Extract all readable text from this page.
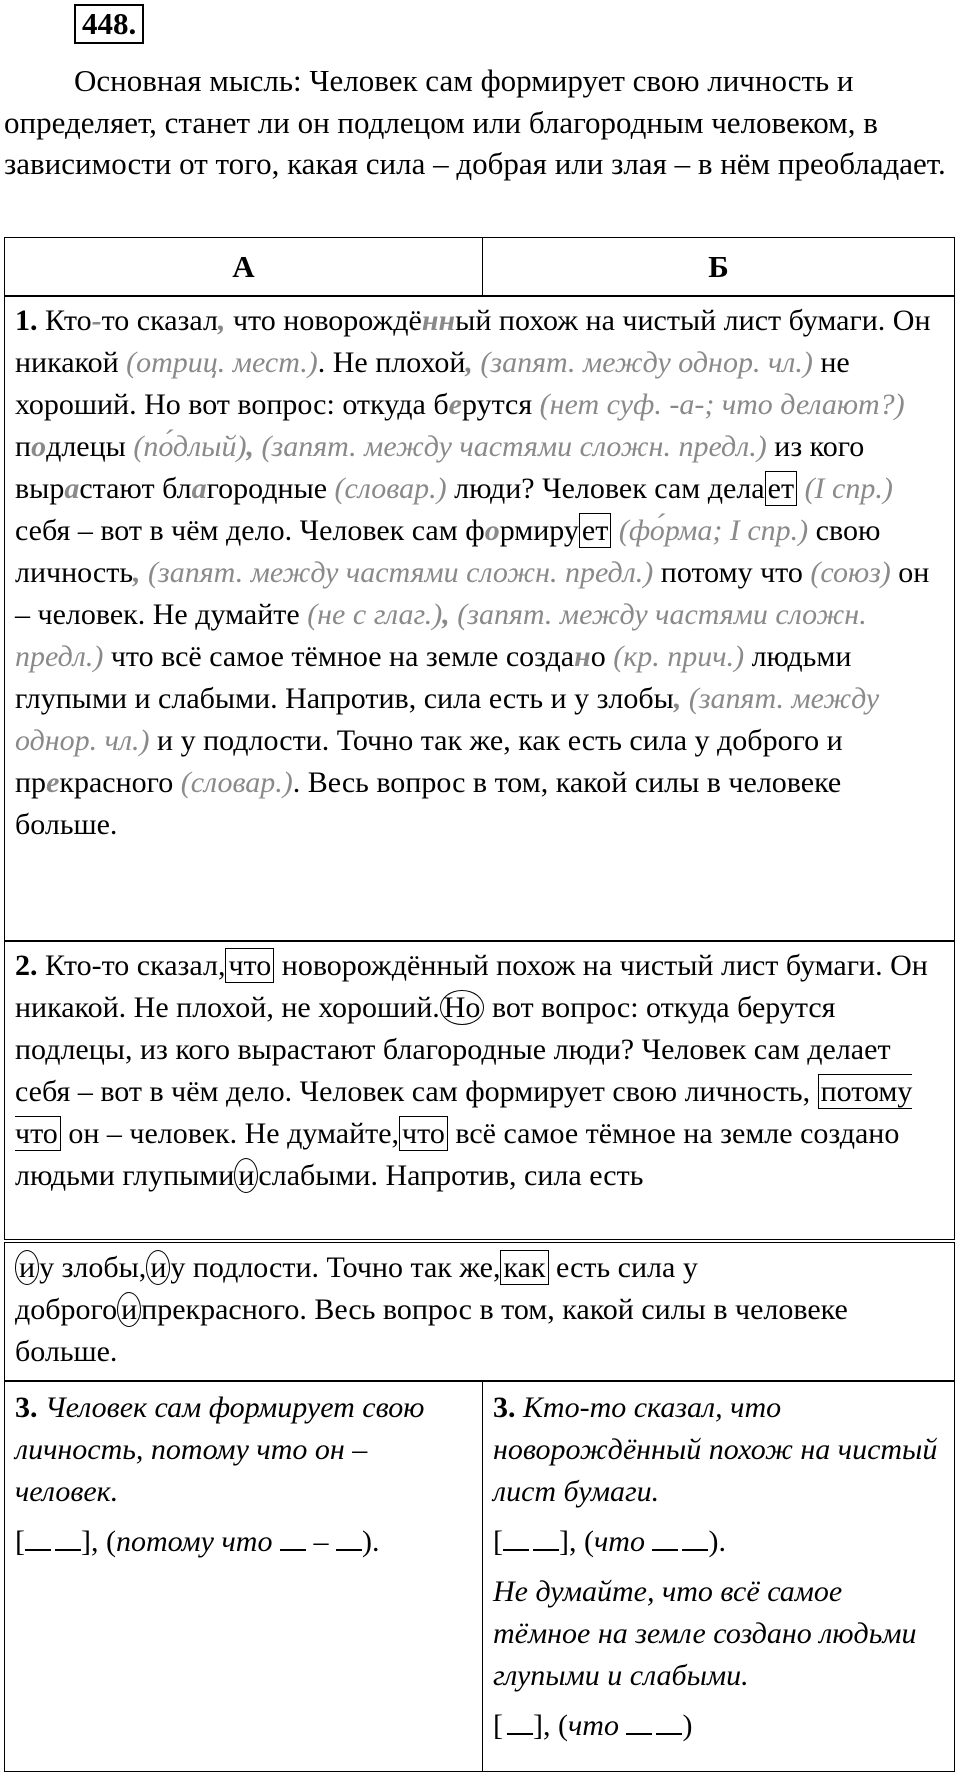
448.

Основная мысль: Человек сам формирует свою личность и определяет, станет ли он подлецом или благородным человеком, в зависимости от того, какая сила – добрая или злая – в нём преобладает.

А	Б

1. Кто-то сказал, что новорождённый похож на чистый лист бумаги. Он никакой (отриц. мест.). Не плохой, (запят. между однор. чл.) не хороший. Но вот вопрос: откуда берутся (нет суф. -а-; что делают?) подлецы (по́длый), (запят. между частями сложн. предл.) из кого вырастают благородные (словар.) люди? Человек сам дела ет (I спр.) себя – вот в чём дело. Человек сам формиру ет (фо́рма; I спр.) свою личность, (запят. между частями сложн. предл.) потому что (союз) он – человек. Не думайте (не с глаг.), (запят. между частями сложн. предл.) что всё самое тёмное на земле создано (кр. прич.) людьми глупыми и слабыми. Напротив, сила есть и у злобы, (запят. между однор. чл.) и у подлости. Точно так же, как есть сила у доброго и прекрасного (словар.). Весь вопрос в том, какой силы в человеке больше.

2. Кто-то сказал, что новорождённый похож на чистый лист бумаги. Он никакой. Не плохой, не хороший. Но вот вопрос: откуда берутся подлецы, из кого вырастают благородные люди? Человек сам делает себя – вот в чём дело. Человек сам формирует свою личность, потому что он – человек. Не думайте, что всё самое тёмное на земле создано людьми глупыми и слабыми. Напротив, сила есть

и у злобы, и у подлости. Точно так же, как есть сила у доброго и прекрасного. Весь вопрос в том, какой силы в человеке больше.

3. Человек сам формирует свою личность, потому что он – человек.

[ ], (потому что – ).

3. Кто-то сказал, что новорождённый похож на чистый лист бумаги.

[ ], (что ).

Не думайте, что всё самое тёмное на земле создано людьми глупыми и слабыми.

[ ], (что )
